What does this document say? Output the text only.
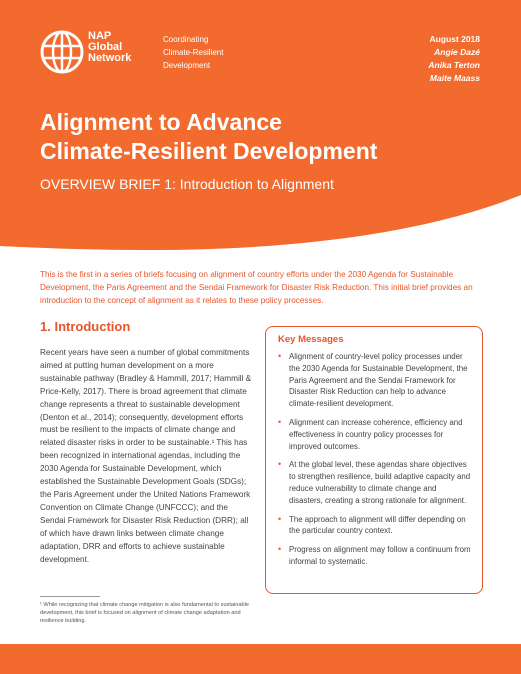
NAP
Global
Network
Coordinating
Climate-Resilient
Development
August 2018
Angie Dazé
Anika Terton
Maite Maass
Alignment to Advance
Climate-Resilient Development

OVERVIEW BRIEF 1: Introduction to Alignment

This is the first in a series of briefs focusing on alignment of country efforts under the 2030 Agenda for Sustainable Development, the Paris Agreement and the Sendai Framework for Disaster Risk Reduction. This initial brief provides an introduction to the concept of alignment as it relates to these policy processes.

1. Introduction

Recent years have seen a number of global commitments aimed at putting human development on a more sustainable pathway (Bradley & Hammill, 2017; Hammill & Price-Kelly, 2017). There is broad agreement that climate change represents a threat to sustainable development (Denton et al., 2014); consequently, development efforts must be resilient to the impacts of climate change and related disaster risks in order to be sustainable.¹ This has been recognized in international agendas, including the 2030 Agenda for Sustainable Development, which established the Sustainable Development Goals (SDGs); the Paris Agreement under the United Nations Framework Convention on Climate Change (UNFCCC); and the Sendai Framework for Disaster Risk Reduction (DRR); all of which have drawn links between climate change adaptation, DRR and efforts to achieve sustainable development.

Key Messages
• Alignment of country-level policy processes under the 2030 Agenda for Sustainable Development, the Paris Agreement and the Sendai Framework for Disaster Risk Reduction can help to advance climate-resilient development.
• Alignment can increase coherence, efficiency and effectiveness in country policy processes for improved outcomes.
• At the global level, these agendas share objectives to strengthen resilience, build adaptive capacity and reduce vulnerability to climate change and disasters, creating a strong rationale for alignment.
• The approach to alignment will differ depending on the particular country context.
• Progress on alignment may follow a continuum from informal to systematic.

¹ While recognizing that climate change mitigation is also fundamental to sustainable development, this brief is focused on alignment of climate change adaptation and resilience building.
